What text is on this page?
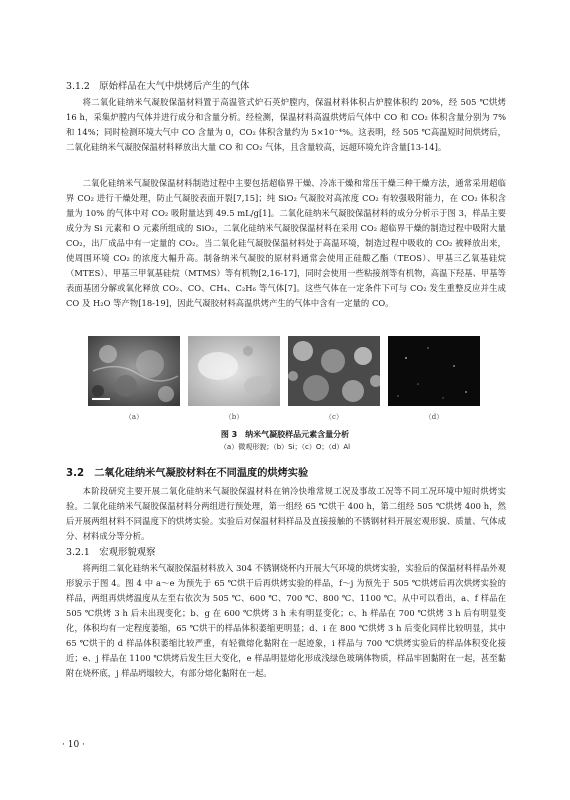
3.1.2　原始样品在大气中烘烤后产生的气体

将二氧化硅纳米气凝胶保温材料置于高温管式炉石英炉膛内，保温材料体积占炉膛体积约 20%，经 505 ℃烘烤 16 h，采集炉膛内气体并进行成分和含量分析。经检测，保温材料高温烘烤后气体中 CO 和 CO₂ 体积含量分别为 7% 和 14%；同时检测环境大气中 CO 含量为 0，CO₂ 体积含量约为 5×10⁻⁴%。这表明，经 505 ℃高温短时间烘烤后，二氧化硅纳米气凝胶保温材料释放出大量 CO 和 CO₂ 气体，且含量较高，远超环境允许含量[13-14]。

二氧化硅纳米气凝胶保温材料制造过程中主要包括超临界干燥、冷冻干燥和常压干燥三种干燥方法，通常采用超临界 CO₂ 进行干燥处理，防止气凝胶表面开裂[7,15]；纯 SiO₂ 气凝胶对高浓度 CO₂ 有较强吸附能力，在 CO₂ 体积含量为 10% 的气体中对 CO₂ 吸附量达到 49.5 mL/g[1]。二氧化硅纳米气凝胶保温材料的成分分析示于图 3，样品主要成分为 Si 元素和 O 元素所组成的 SiO₂，二氧化硅纳米气凝胶保温材料在采用 CO₂ 超临界干燥的制造过程中吸附大量 CO₂，出厂成品中有一定量的 CO₂。当二氧化硅气凝胶保温材料处于高温环境，制造过程中吸收的 CO₂ 被释放出来，使周围环境 CO₂ 的浓度大幅升高。制备纳米气凝胶的原材料通常会使用正硅酸乙酯（TEOS）、甲基三乙氧基硅烷（MTES）、甲基三甲氧基硅烷（MTMS）等有机物[2,16-17]，同时会使用一些粘接剂等有机物，高温下羟基、甲基等表面基团分解或氧化释放 CO₂、CO、CH₄、C₂H₆ 等气体[7]。这些气体在一定条件下可与 CO₂ 发生重整反应并生成 CO 及 H₂O 等产物[18-19]，因此气凝胶材料高温烘烤产生的气体中含有一定量的 CO。

（a）	（b）	（c）	（d）
图 3　纳米气凝胶样品元素含量分析
（a）微观形貌；（b）Si；（c）O；（d）Al
3.2　二氧化硅纳米气凝胶材料在不同温度的烘烤实验

本阶段研究主要开展二氧化硅纳米气凝胶保温材料在钠冷快堆常规工况及事故工况等不同工况环境中短时烘烤实验。二氧化硅纳米气凝胶保温材料分两组进行预处理，第一组经 65 ℃烘干 400 h，第二组经 505 ℃烘烤 400 h，然后开展两组材料不同温度下的烘烤实验。实验后对保温材料样品及直接接触的不锈钢材料开展宏观形貌、质量、气体成分、材料成分等分析。

3.2.1　宏观形貌观察

将两组二氧化硅纳米气凝胶保温材料放入 304 不锈钢烧杯内开展大气环境的烘烤实验，实验后的保温材料样品外观形貌示于图 4。图 4 中 a～e 为预先于 65 ℃烘干后再烘烤实验的样品，f～j 为预先于 505 ℃烘烤后再次烘烤实验的样品，两组再烘烤温度从左至右依次为 505 ℃、600 ℃、700 ℃、800 ℃、1100 ℃。从中可以看出，a、f 样品在 505 ℃烘烤 3 h 后未出现变化；b、g 在 600 ℃烘烤 3 h 未有明显变化；c、h 样品在 700 ℃烘烤 3 h 后有明显变化，体积均有一定程度萎缩，65 ℃烘干的样品体积萎缩更明显；d、i 在 800 ℃烘烤 3 h 后变化同样比较明显，其中 65 ℃烘干的 d 样品体积萎缩比较严重，有轻微熔化黏附在一起迹象，i 样品与 700 ℃烘烤实验后的样品体积变化接近；e、j 样品在 1100 ℃烘烤后发生巨大变化，e 样品明显熔化形成浅绿色玻璃体物质，样品牢固黏附在一起，甚至黏附在烧杯底，j 样品坍塌较大，有部分熔化黏附在一起。

· 10 ·
